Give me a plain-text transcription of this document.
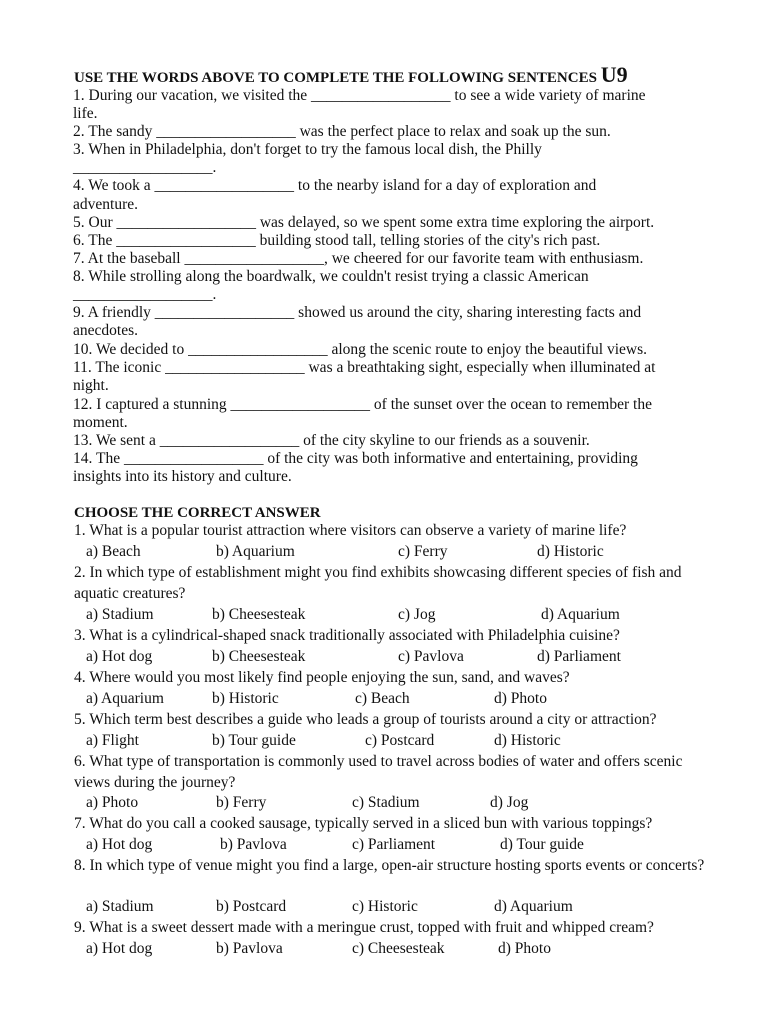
USE THE WORDS ABOVE TO COMPLETE THE FOLLOWING SENTENCES U9
1. During our vacation, we visited the __________________ to see a wide variety of marine
life.
2. The sandy __________________ was the perfect place to relax and soak up the sun.
3. When in Philadelphia, don't forget to try the famous local dish, the Philly
__________________.
4. We took a __________________ to the nearby island for a day of exploration and
adventure.
5. Our __________________ was delayed, so we spent some extra time exploring the airport.
6. The __________________ building stood tall, telling stories of the city's rich past.
7. At the baseball __________________, we cheered for our favorite team with enthusiasm.
8. While strolling along the boardwalk, we couldn't resist trying a classic American
__________________.
9. A friendly __________________ showed us around the city, sharing interesting facts and
anecdotes.
10. We decided to __________________ along the scenic route to enjoy the beautiful views.
11. The iconic __________________ was a breathtaking sight, especially when illuminated at
night.
12. I captured a stunning __________________ of the sunset over the ocean to remember the
moment.
13. We sent a __________________ of the city skyline to our friends as a souvenir.
14. The __________________ of the city was both informative and entertaining, providing
insights into its history and culture.
CHOOSE THE CORRECT ANSWER
1. What is a popular tourist attraction where visitors can observe a variety of marine life?
a) Beach	b) Aquarium	c) Ferry	d) Historic
2. In which type of establishment might you find exhibits showcasing different species of fish and aquatic creatures?
a) Stadium	b) Cheesesteak	c) Jog	d) Aquarium
3. What is a cylindrical-shaped snack traditionally associated with Philadelphia cuisine?
a) Hot dog	b) Cheesesteak	c) Pavlova	d) Parliament
4. Where would you most likely find people enjoying the sun, sand, and waves?
a) Aquarium	b) Historic	c) Beach	d) Photo
5. Which term best describes a guide who leads a group of tourists around a city or attraction?
a) Flight	b) Tour guide	c) Postcard	d) Historic
6. What type of transportation is commonly used to travel across bodies of water and offers scenic views during the journey?
a) Photo	b) Ferry	c) Stadium	d) Jog
7. What do you call a cooked sausage, typically served in a sliced bun with various toppings?
a) Hot dog	b) Pavlova	c) Parliament	d) Tour guide
8. In which type of venue might you find a large, open-air structure hosting sports events or concerts?
a) Stadium	b) Postcard	c) Historic	d) Aquarium
9. What is a sweet dessert made with a meringue crust, topped with fruit and whipped cream?
a) Hot dog	b) Pavlova	c) Cheesesteak	d) Photo
